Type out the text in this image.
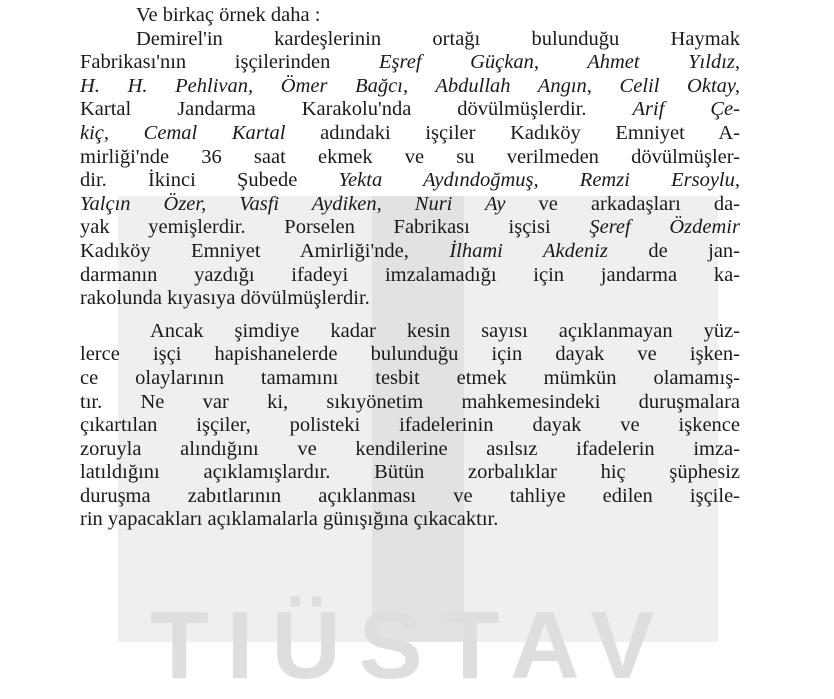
TIÜSTAV
Ve birkaç örnek daha :
Demirel'in kardeşlerinin ortağı bulunduğu Haymak
Fabrikası'nın işçilerinden Eşref Güçkan, Ahmet Yıldız,
H. H. Pehlivan, Ömer Bağcı, Abdullah Angın, Celil Oktay,
Kartal Jandarma Karakolu'nda dövülmüşlerdir. Arif Çe-
kiç, Cemal Kartal adındaki işçiler Kadıköy Emniyet A-
mirliği'nde 36 saat ekmek ve su verilmeden dövülmüşler-
dir. İkinci Şubede Yekta Aydındoğmuş, Remzi Ersoylu,
Yalçın Özer, Vasfi Aydiken, Nuri Ay ve arkadaşları da-
yak yemişlerdir. Porselen Fabrikası işçisi Şeref Özdemir
Kadıköy Emniyet Amirliği'nde, İlhami Akdeniz de jan-
darmanın yazdığı ifadeyi imzalamadığı için jandarma ka-
rakolunda kıyasıya dövülmüşlerdir.
Ancak şimdiye kadar kesin sayısı açıklanmayan yüz-
lerce işçi hapishanelerde bulunduğu için dayak ve işken-
ce olaylarının tamamını tesbit etmek mümkün olamamış-
tır. Ne var ki, sıkıyönetim mahkemesindeki duruşmalara
çıkartılan işçiler, polisteki ifadelerinin dayak ve işkence
zoruyla alındığını ve kendilerine asılsız ifadelerin imza-
latıldığını açıklamışlardır. Bütün zorbalıklar hiç şüphesiz
duruşma zabıtlarının açıklanması ve tahliye edilen işçile-
rin yapacakları açıklamalarla günışığına çıkacaktır.
